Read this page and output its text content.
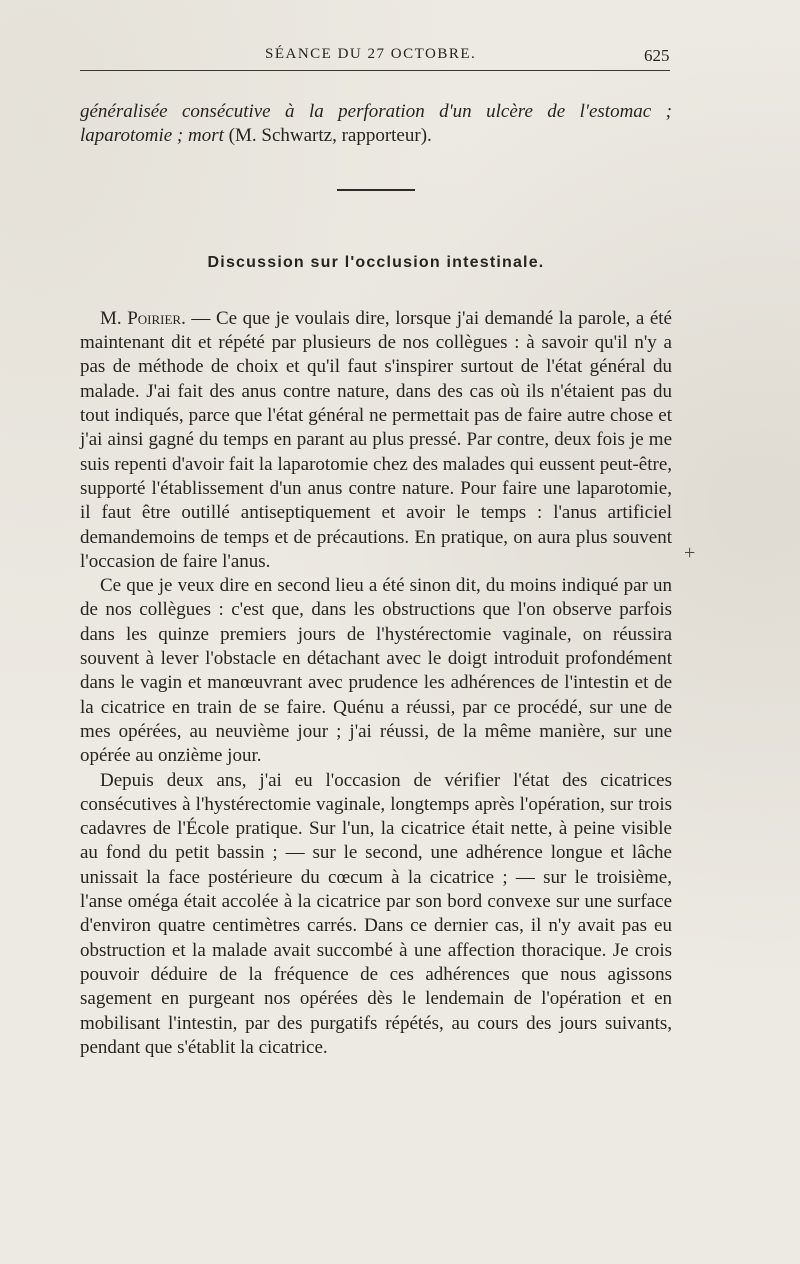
SÉANCE DU 27 OCTOBRE.	625

généralisée consécutive à la perforation d'un ulcère de l'estomac ; laparotomie ; mort (M. Schwartz, rapporteur).

Discussion sur l'occlusion intestinale.

M. Poirier. — Ce que je voulais dire, lorsque j'ai demandé la parole, a été maintenant dit et répété par plusieurs de nos collègues : à savoir qu'il n'y a pas de méthode de choix et qu'il faut s'inspirer surtout de l'état général du malade. J'ai fait des anus contre nature, dans des cas où ils n'étaient pas du tout indiqués, parce que l'état général ne permettait pas de faire autre chose et j'ai ainsi gagné du temps en parant au plus pressé. Par contre, deux fois je me suis repenti d'avoir fait la laparotomie chez des malades qui eussent peut-être, supporté l'établissement d'un anus contre nature. Pour faire une laparotomie, il faut être outillé antiseptiquement et avoir le temps : l'anus artificiel demandemoins de temps et de précautions. En pratique, on aura plus souvent l'occasion de faire l'anus.

Ce que je veux dire en second lieu a été sinon dit, du moins indiqué par un de nos collègues : c'est que, dans les obstructions que l'on observe parfois dans les quinze premiers jours de l'hystérectomie vaginale, on réussira souvent à lever l'obstacle en détachant avec le doigt introduit profondément dans le vagin et manœuvrant avec prudence les adhérences de l'intestin et de la cicatrice en train de se faire. Quénu a réussi, par ce procédé, sur une de mes opérées, au neuvième jour ; j'ai réussi, de la même manière, sur une opérée au onzième jour.

Depuis deux ans, j'ai eu l'occasion de vérifier l'état des cicatrices consécutives à l'hystérectomie vaginale, longtemps après l'opération, sur trois cadavres de l'École pratique. Sur l'un, la cicatrice était nette, à peine visible au fond du petit bassin ; — sur le second, une adhérence longue et lâche unissait la face postérieure du cœcum à la cicatrice ; — sur le troisième, l'anse oméga était accolée à la cicatrice par son bord convexe sur une surface d'environ quatre centimètres carrés. Dans ce dernier cas, il n'y avait pas eu obstruction et la malade avait succombé à une affection thoracique. Je crois pouvoir déduire de la fréquence de ces adhérences que nous agissons sagement en purgeant nos opérées dès le lendemain de l'opération et en mobilisant l'intestin, par des purgatifs répétés, au cours des jours suivants, pendant que s'établit la cicatrice.

+
